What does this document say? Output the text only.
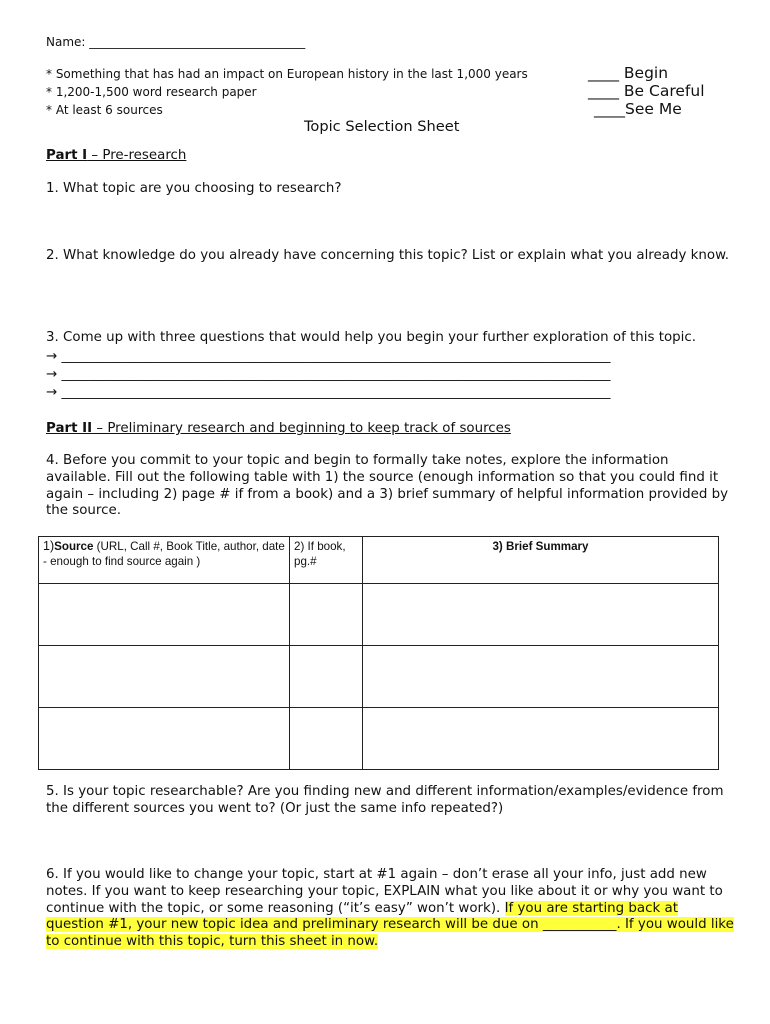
Name: ____________________________________
* Something that has had an impact on European history in the last 1,000 years
* 1,200-1,500 word research paper
* At least 6 sources
____ Begin
____ Be Careful
____See Me
Topic Selection Sheet
Part I – Pre-research
1. What topic are you choosing to research?
2. What knowledge do you already have concerning this topic? List or explain what you already know.
3. Come up with three questions that would help you begin your further exploration of this topic.
→ __________________________________________________________________________________
→ __________________________________________________________________________________
→ __________________________________________________________________________________
Part II – Preliminary research and beginning to keep track of sources
4. Before you commit to your topic and begin to formally take notes, explore the information available. Fill out the following table with 1) the source (enough information so that you could find it again – including 2) page # if from a book) and a 3) brief summary of helpful information provided by the source.
1)Source (URL, Call #, Book Title, author, date - enough to find source again )	2) If book, pg.#	3) Brief Summary

5. Is your topic researchable? Are you finding new and different information/examples/evidence from the different sources you went to? (Or just the same info repeated?)
6. If you would like to change your topic, start at #1 again – don’t erase all your info, just add new notes. If you want to keep researching your topic, EXPLAIN what you like about it or why you want to continue with the topic, or some reasoning (“it’s easy” won’t work). If you are starting back at question #1, your new topic idea and preliminary research will be due on ___________. If you would like to continue with this topic, turn this sheet in now.
